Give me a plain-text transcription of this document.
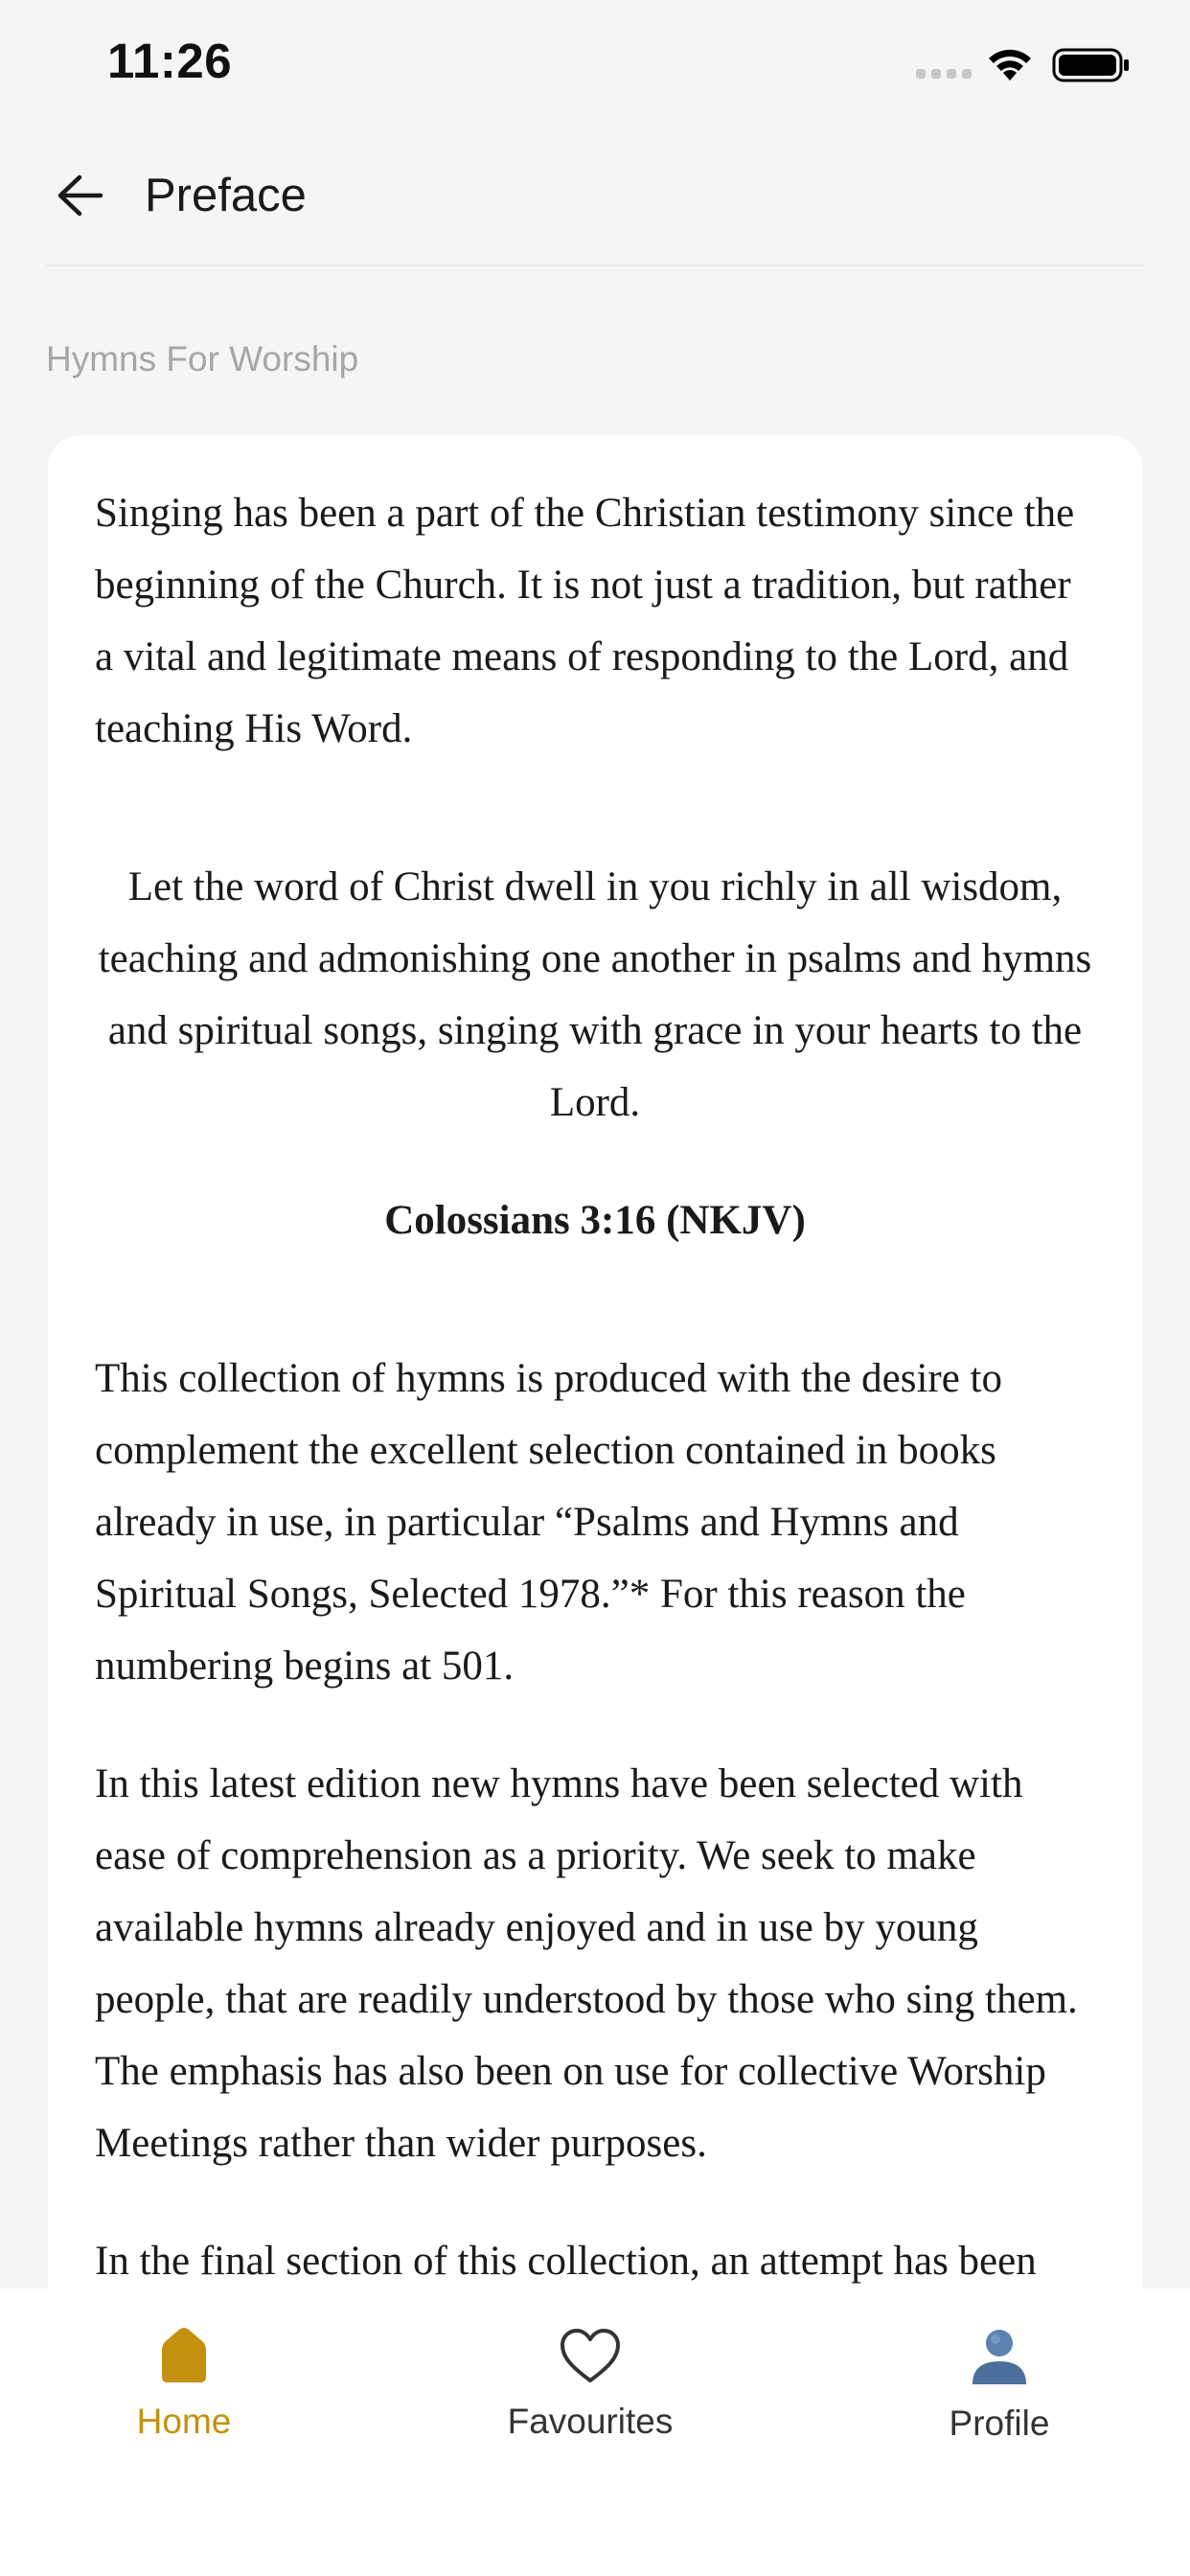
11:26
Preface
Hymns For Worship

Singing has been a part of the Christian testimony since the beginning of the Church. It is not just a tradition, but rather a vital and legitimate means of responding to the Lord, and teaching His Word.

Let the word of Christ dwell in you richly in all wisdom, teaching and admonishing one another in psalms and hymns and spiritual songs, singing with grace in your hearts to the Lord.

Colossians 3:16 (NKJV)

This collection of hymns is produced with the desire to complement the excellent selection contained in books already in use, in particular “Psalms and Hymns and Spiritual Songs, Selected 1978.”* For this reason the numbering begins at 501.

In this latest edition new hymns have been selected with ease of comprehension as a priority. We seek to make available hymns already enjoyed and in use by young people, that are readily understood by those who sing them. The emphasis has also been on use for collective Worship Meetings rather than wider purposes.

In the final section of this collection, an attempt has been

Home	Favourites	Profile
